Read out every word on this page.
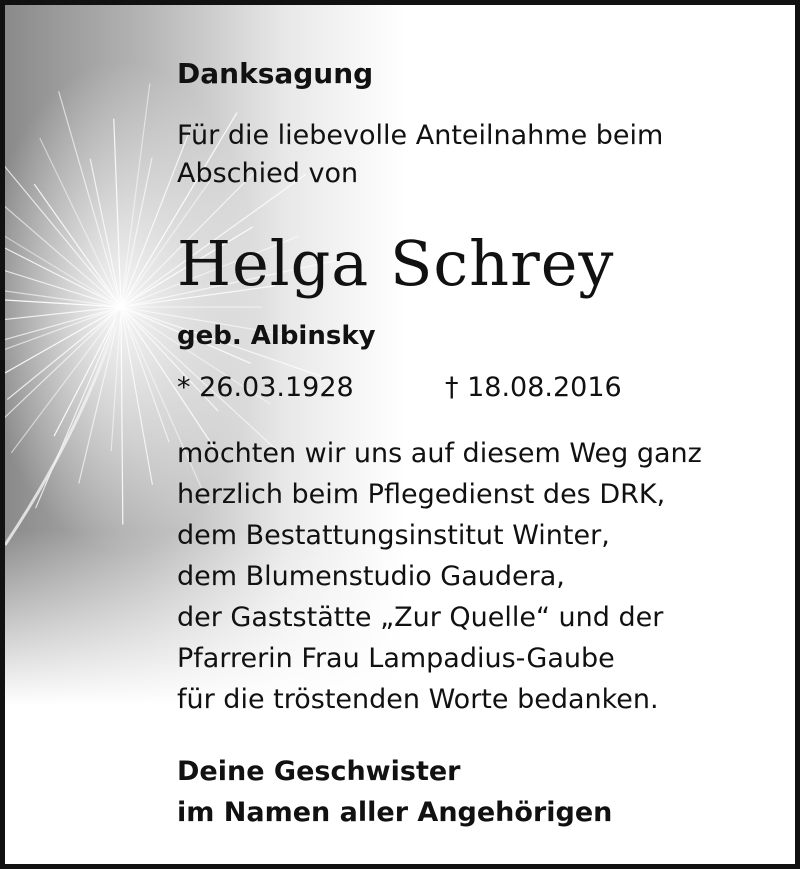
Danksagung
Für die liebevolle Anteilnahme beim
Abschied von
Helga Schrey
geb. Albinsky
* 26.03.1928	† 18.08.2016
möchten wir uns auf diesem Weg ganz
herzlich beim Pflegedienst des DRK,
dem Bestattungsinstitut Winter,
dem Blumenstudio Gaudera,
der Gaststätte „Zur Quelle“ und der
Pfarrerin Frau Lampadius-Gaube
für die tröstenden Worte bedanken.
Deine Geschwister
im Namen aller Angehörigen
